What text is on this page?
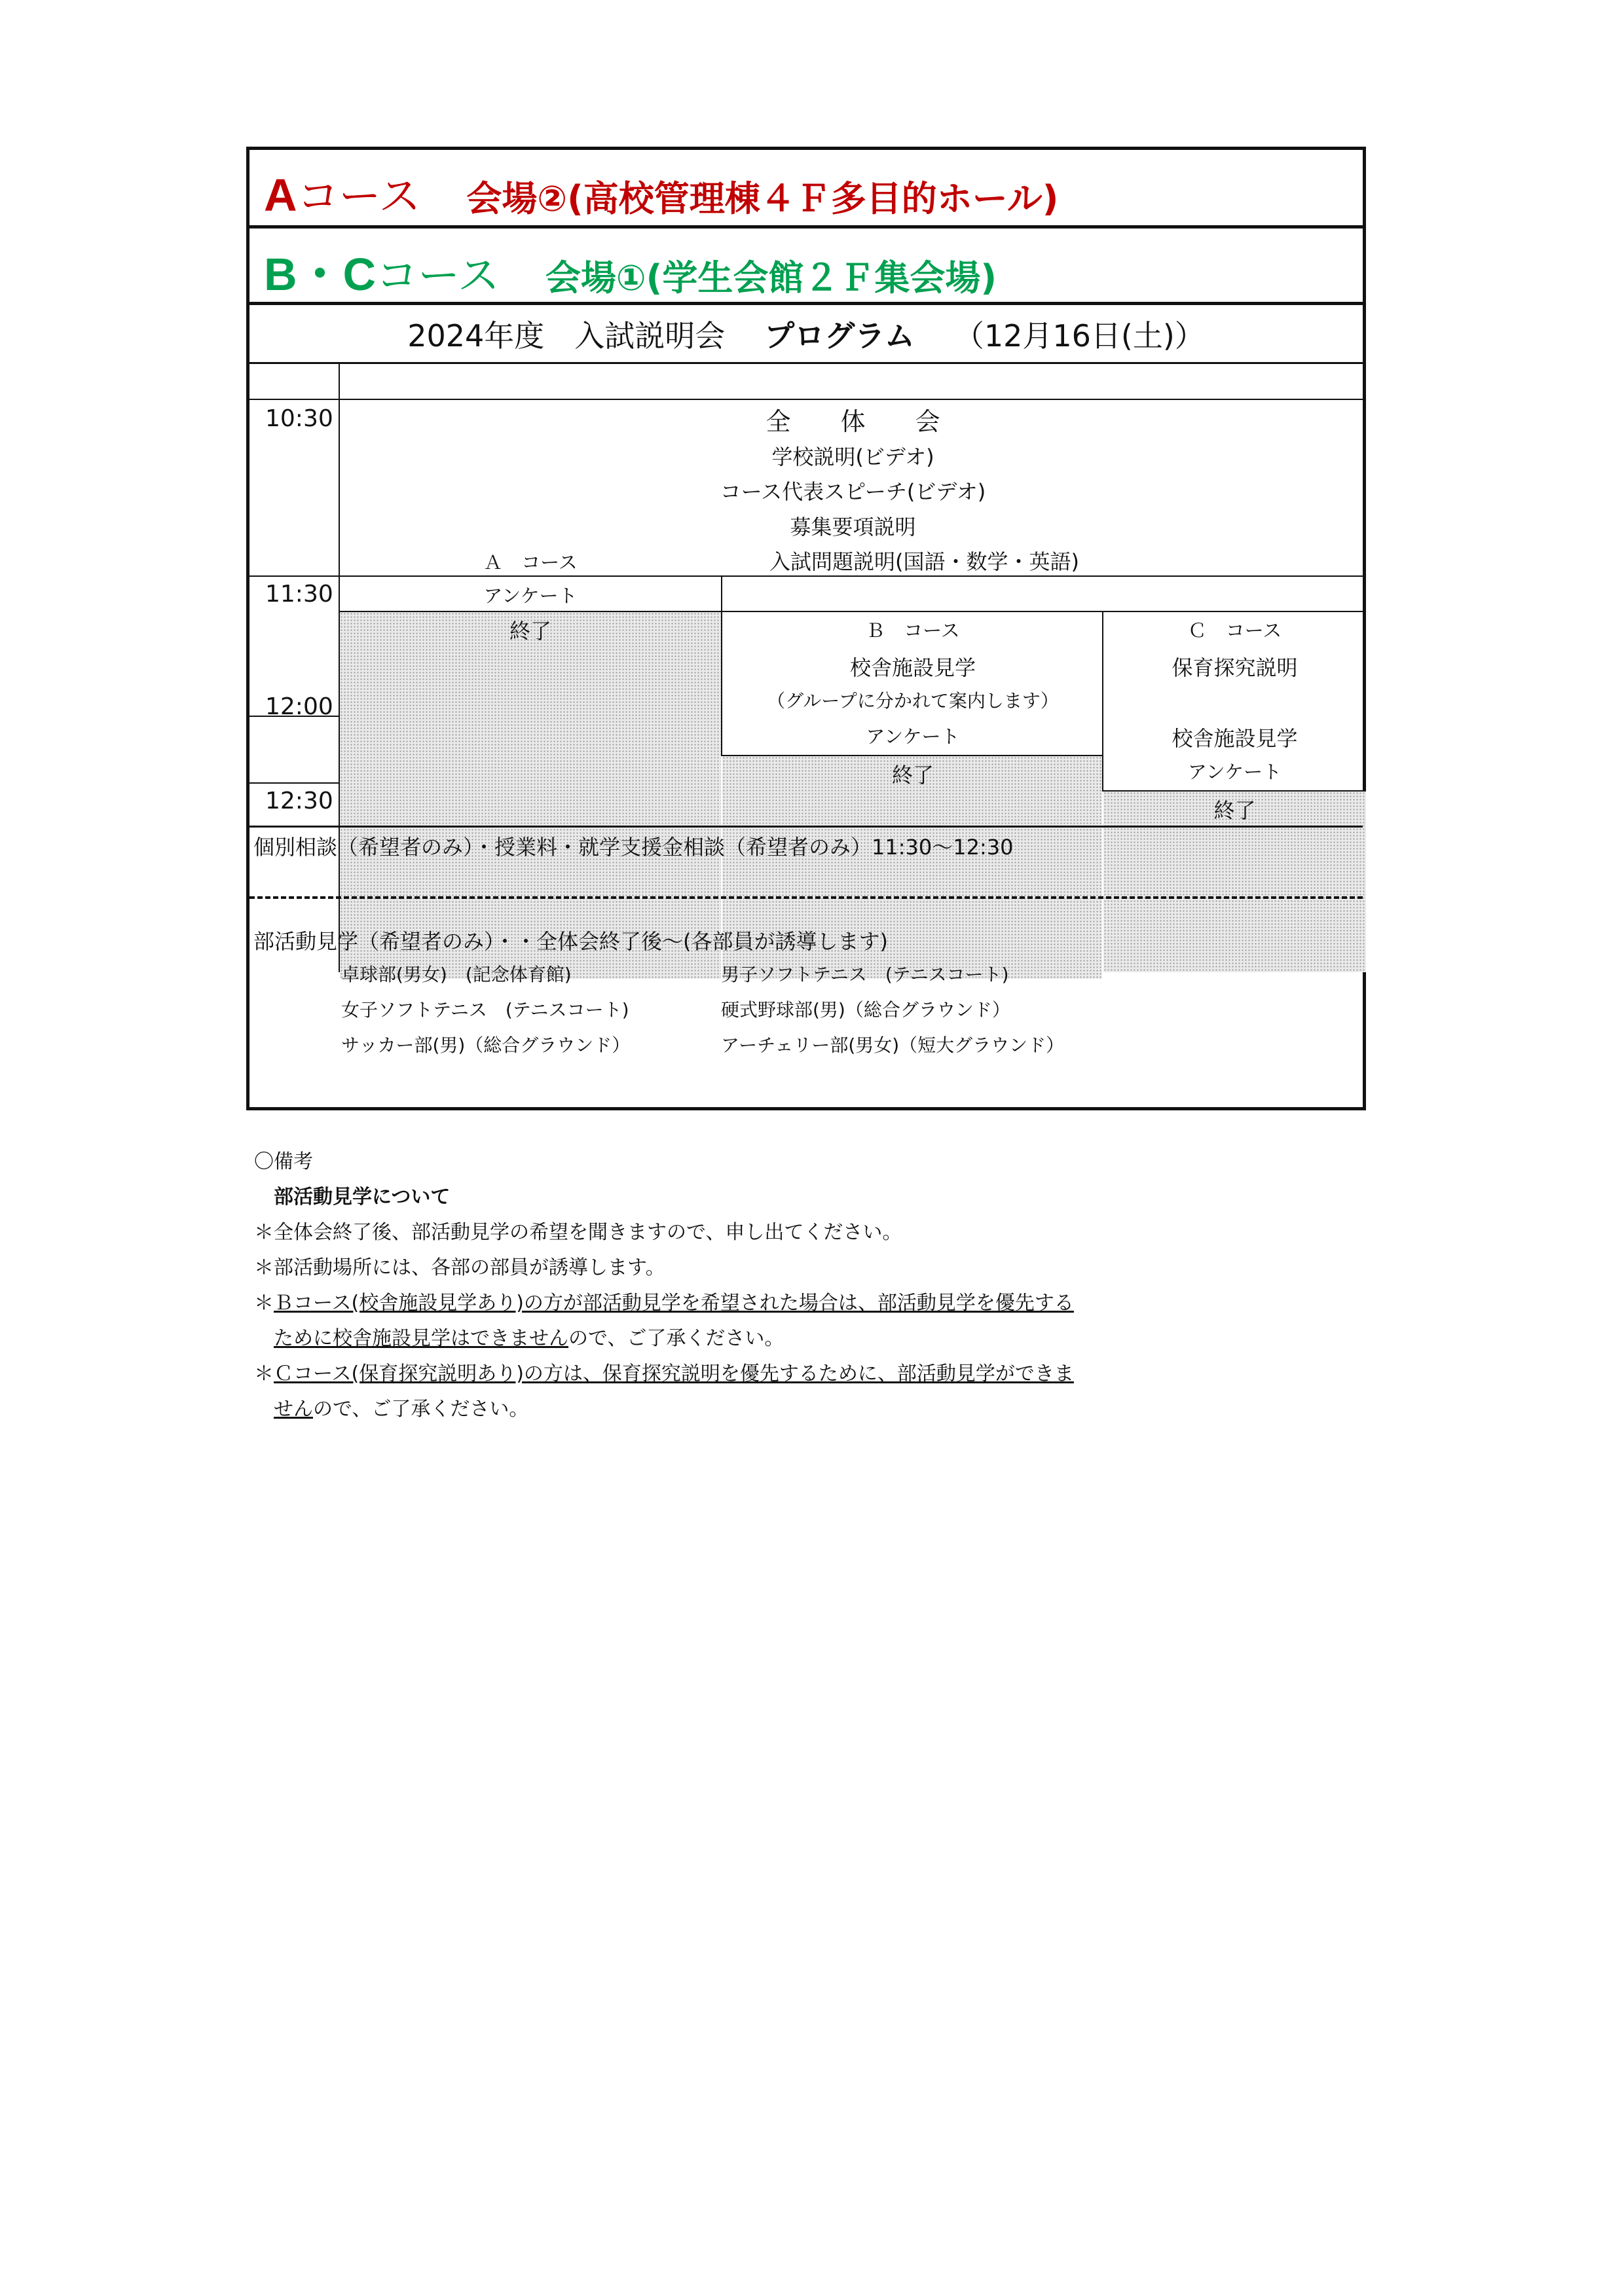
Aコース 会場②(高校管理棟４Ｆ多目的ホール)
B・Cコース 会場①(学生会館２Ｆ集会場)
2024年度　入試説明会 プログラム （12月16日(土)）
10:30
11:30
12:00
12:30
全　　体　　会
学校説明(ビデオ)
コース代表スピーチ(ビデオ)
募集要項説明
入試問題説明(国語・数学・英語)
Ａ　コース
アンケート
終了	Ｂ　コース
校舎施設見学
（グループに分かれて案内します）
アンケート
終了
Ｃ　コース
保育探究説明
校舎施設見学
アンケート
終了
個別相談（希望者のみ）・授業料・就学支援金相談（希望者のみ）11:30〜12:30
部活動見学（希望者のみ）・・全体会終了後〜(各部員が誘導します)
卓球部(男女)　(記念体育館)
女子ソフトテニス　(テニスコート)
サッカー部(男)（総合グラウンド）
男子ソフトテニス　(テニスコート)
硬式野球部(男)（総合グラウンド）
アーチェリー部(男女)（短大グラウンド）
〇備考
部活動見学について
＊全体会終了後、部活動見学の希望を聞きますので、申し出てください。
＊部活動場所には、各部の部員が誘導します。
＊Ｂコース(校舎施設見学あり)の方が部活動見学を希望された場合は、部活動見学を優先する
ために校舎施設見学はできませんので、ご了承ください。
＊Ｃコース(保育探究説明あり)の方は、保育探究説明を優先するために、部活動見学ができま
せんので、ご了承ください。
